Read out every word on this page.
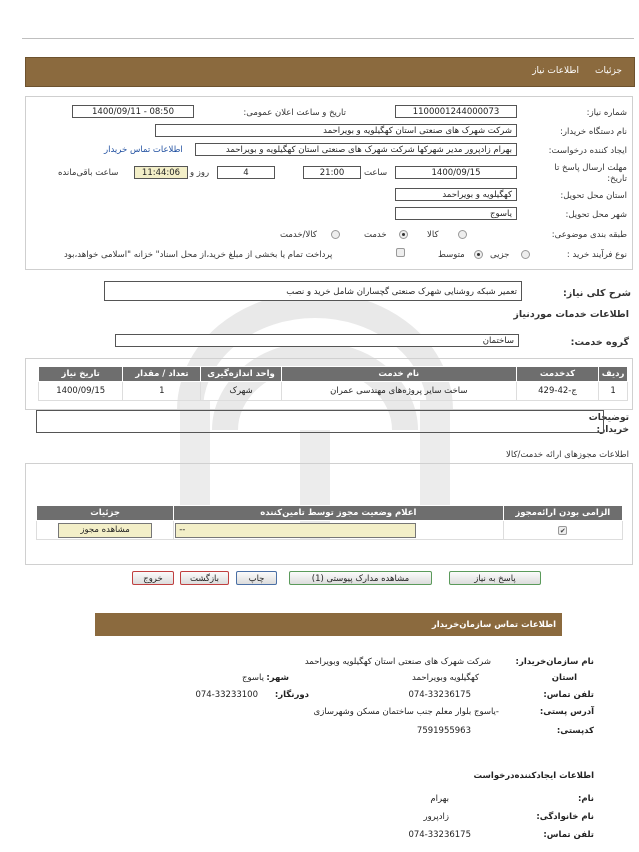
جزئیات
اطلاعات نیاز
شماره نیاز:
1100001244000073
تاریخ و ساعت اعلان عمومی:
1400/09/11 - 08:50
نام دستگاه خریدار:
شرکت شهرک های صنعتی استان کهگیلویه و بویراحمد
ایجاد کننده درخواست:
بهرام زادپرور مدیر شهرکها شرکت شهرک های صنعتی استان کهگیلویه و بویراحمد
اطلاعات تماس خریدار
مهلت ارسال پاسخ تا تاریخ:
1400/09/15
ساعت
21:00
4
روز و
11:44:06
ساعت باقی‌مانده
استان محل تحویل:
کهگیلویه و بویراحمد
شهر محل تحویل:
یاسوج
طبقه بندی موضوعی:
کالا
خدمت
کالا/خدمت
نوع فرآیند خرید :
جزیی
متوسط
پرداخت تمام یا بخشی از مبلغ خرید،از محل اسناد" خزانه "اسلامی خواهد،بود
شرح کلی نیاز:
تعمیر شبکه روشنایی شهرک صنعتی گچساران شامل خرید و نصب
اطلاعات خدمات موردنیاز
گروه خدمت:
ساختمان
ردیف	کدخدمت	نام خدمت	واحد اندازه‌گیری	تعداد / مقدار	تاریخ نیاز
1	ج-42-429	ساخت سایر پروژه‌های مهندسی عمران	شهرک	1	1400/09/15
توضیحات خریدار:
اطلاعات مجوزهای ارائه خدمت/کالا
الزامی بودن ارائه‌مجوز	اعلام وضعیت مجوز توسط تامین‌کننده	جزئیات
✔	--	مشاهده مجوز
پاسخ به نیاز
مشاهده مدارک پیوستی (1)
چاپ
بازگشت
خروج
اطلاعات تماس سازمان‌خریدار
نام سازمان‌خریدار:
شرکت شهرک های صنعتی استان کهگیلویه وبویراحمد
استان
کهگیلویه وبویراحمد
شهر:
یاسوج
تلفن تماس:
074-33236175
دورنگار:
074-33233100
آدرس پستی:
-یاسوج بلوار معلم جنب ساختمان مسکن وشهرسازی
کدپستی:
7591955963
اطلاعات ایجادکننده‌درخواست
نام:
بهرام
نام خانوادگی:
زادپرور
تلفن تماس:
074-33236175
